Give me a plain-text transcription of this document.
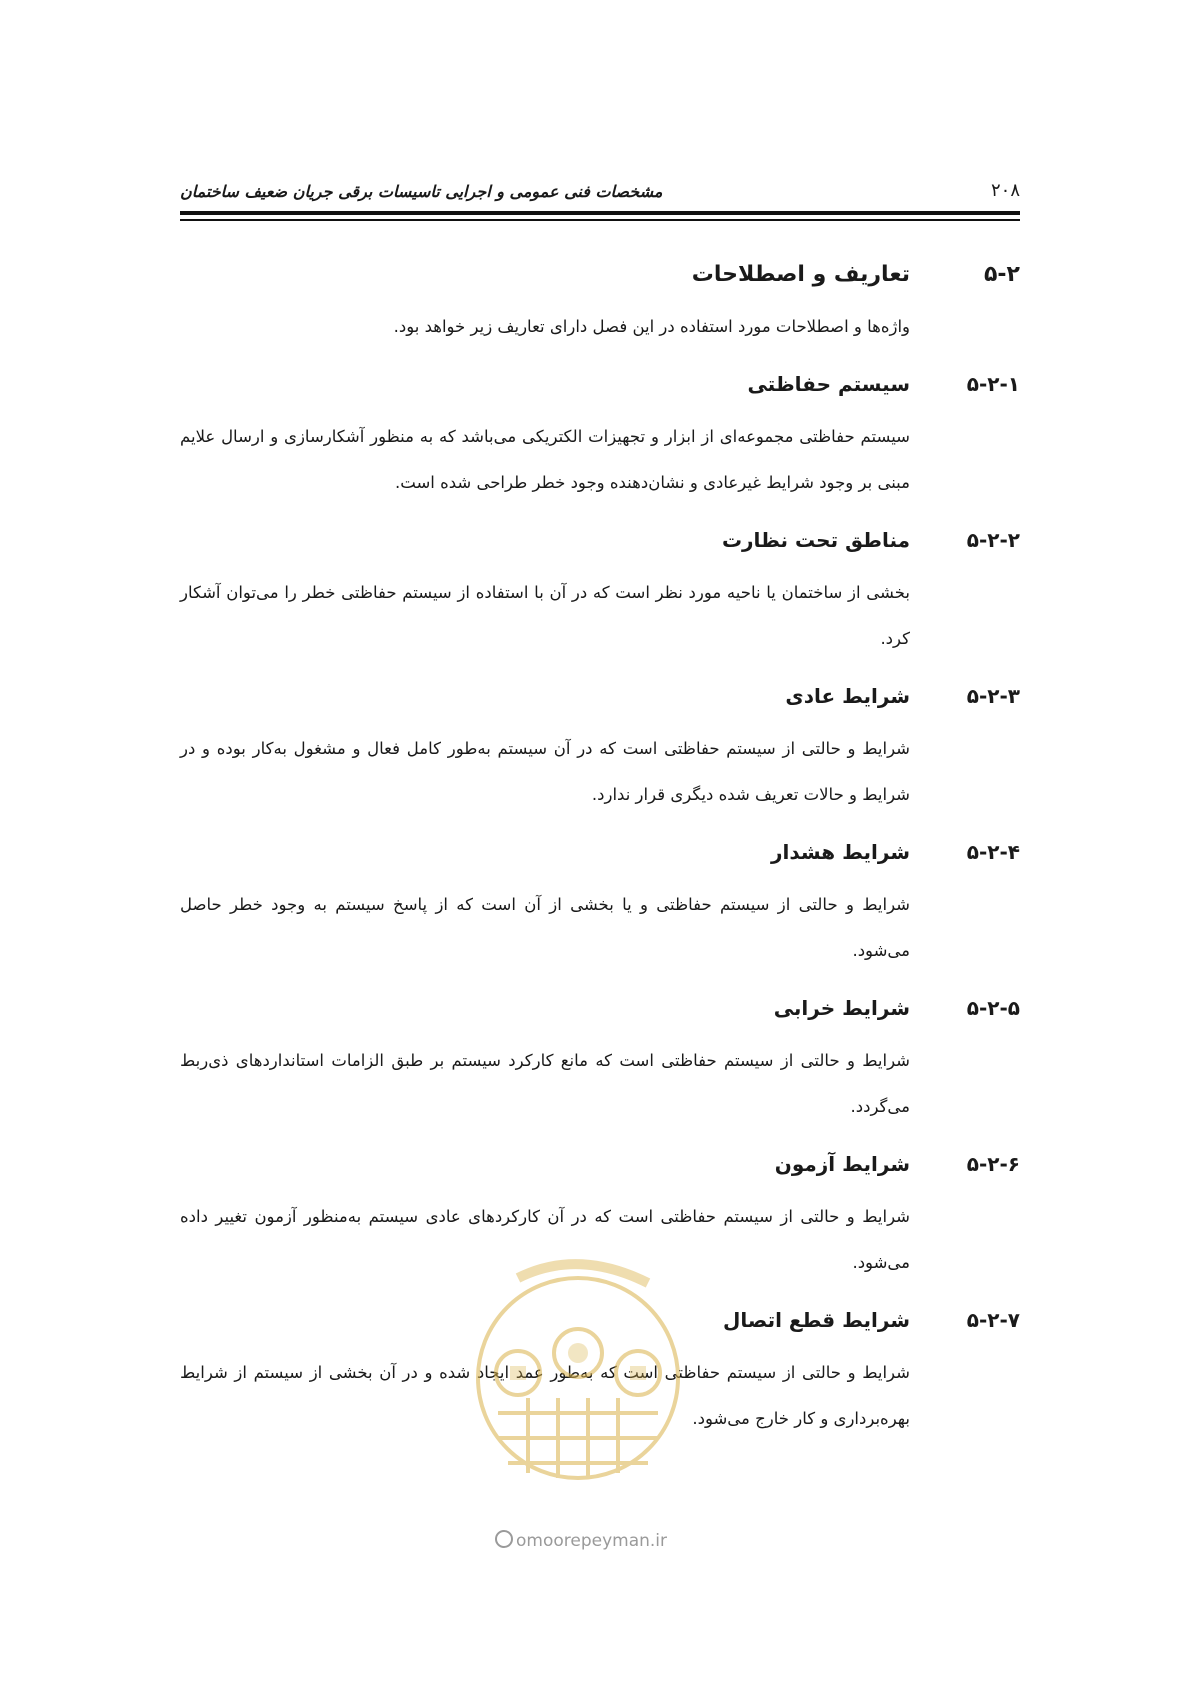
۲۰۸
مشخصات فنی عمومی و اجرایی تاسیسات برقی جریان ضعیف ساختمان
۵-۲
تعاریف و اصطلاحات

واژه‌ها و اصطلاحات مورد استفاده در این فصل دارای تعاریف زیر خواهد بود.

۵-۲-۱
سیستم حفاظتی

سیستم حفاظتی مجموعه‌ای از ابزار و تجهیزات الکتریکی می‌باشد که به منظور آشکارسازی و ارسال علایم مبنی بر وجود شرایط غیرعادی و نشان‌دهنده وجود خطر طراحی شده است.

۵-۲-۲
مناطق تحت نظارت

بخشی از ساختمان یا ناحیه مورد نظر است که در آن با استفاده از سیستم حفاظتی خطر را می‌توان آشکار کرد.

۵-۲-۳
شرایط عادی

شرایط و حالتی از سیستم حفاظتی است که در آن سیستم به‌طور کامل فعال و مشغول به‌کار بوده و در شرایط و حالات تعریف شده دیگری قرار ندارد.

۵-۲-۴
شرایط هشدار

شرایط و حالتی از سیستم حفاظتی و یا بخشی از آن است که از پاسخ سیستم به وجود خطر حاصل می‌شود.

۵-۲-۵
شرایط خرابی

شرایط و حالتی از سیستم حفاظتی است که مانع کارکرد سیستم بر طبق الزامات استانداردهای ذی‌ربط می‌گردد.

۵-۲-۶
شرایط آزمون

شرایط و حالتی از سیستم حفاظتی است که در آن کارکردهای عادی سیستم به‌منظور آزمون تغییر داده می‌شود.

۵-۲-۷
شرایط قطع اتصال

شرایط و حالتی از سیستم حفاظتی است که به‌طور عمد ایجاد شده و در آن بخشی از سیستم از شرایط بهره‌برداری و کار خارج می‌شود.

omoorepeyman.ir
